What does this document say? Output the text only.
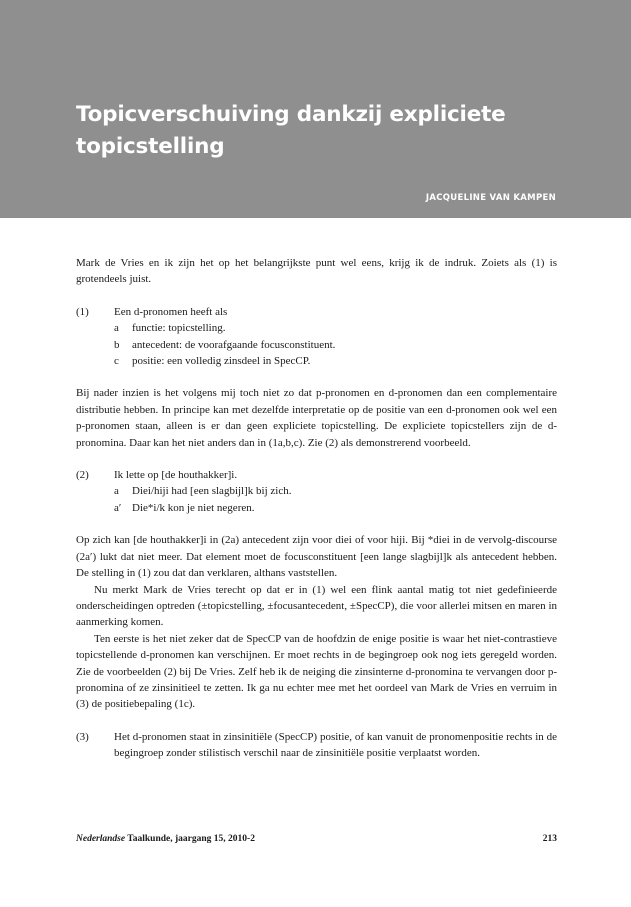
Topicverschuiving dankzij expliciete
topicstelling
JACQUELINE VAN KAMPEN

Mark de Vries en ik zijn het op het belangrijkste punt wel eens, krijg ik de indruk. Zoiets als (1) is grotendeels juist.

(1)	Een d-pronomen heeft als
a	functie: topicstelling.
b	antecedent: de voorafgaande focusconstituent.
c	positie: een volledig zinsdeel in SpecCP.

Bij nader inzien is het volgens mij toch niet zo dat p-pronomen en d-pronomen dan een complementaire distributie hebben. In principe kan met dezelfde interpretatie op de positie van een d-pronomen ook wel een p-pronomen staan, alleen is er dan geen expliciete topicstelling. De expliciete topicstellers zijn de d-pronomina. Daar kan het niet anders dan in (1a,b,c). Zie (2) als demonstrerend voorbeeld.

(2)	Ik lette op [de houthakker]i.
a	Diei/hiji had [een slagbijl]k bij zich.
a′ Die*i/k kon je niet negeren.

Op zich kan [de houthakker]i in (2a) antecedent zijn voor diei of voor hiji. Bij *diei in de vervolg-discourse (2a′) lukt dat niet meer. Dat element moet de focusconstituent [een lange slagbijl]k als antecedent hebben. De stelling in (1) zou dat dan verklaren, althans vaststellen.

Nu merkt Mark de Vries terecht op dat er in (1) wel een flink aantal matig tot niet gedefinieerde onderscheidingen optreden (±topicstelling, ±focusantecedent, ±SpecCP), die voor allerlei mitsen en maren in aanmerking komen.

Ten eerste is het niet zeker dat de SpecCP van de hoofdzin de enige positie is waar het niet-contrastieve topicstellende d-pronomen kan verschijnen. Er moet rechts in de begingroep ook nog iets geregeld worden. Zie de voorbeelden (2) bij De Vries. Zelf heb ik de neiging die zinsinterne d-pronomina te vervangen door p-pronomina of ze zinsinitieel te zetten. Ik ga nu echter mee met het oordeel van Mark de Vries en verruim in (3) de positiebepaling (1c).

(3)	Het d-pronomen staat in zinsinitiële (SpecCP) positie, of kan vanuit de pronomenpositie rechts in de begingroep zonder stilistisch verschil naar de zinsinitiële positie verplaatst worden.
Nederlandse Taalkunde, jaargang 15, 2010-2	213
